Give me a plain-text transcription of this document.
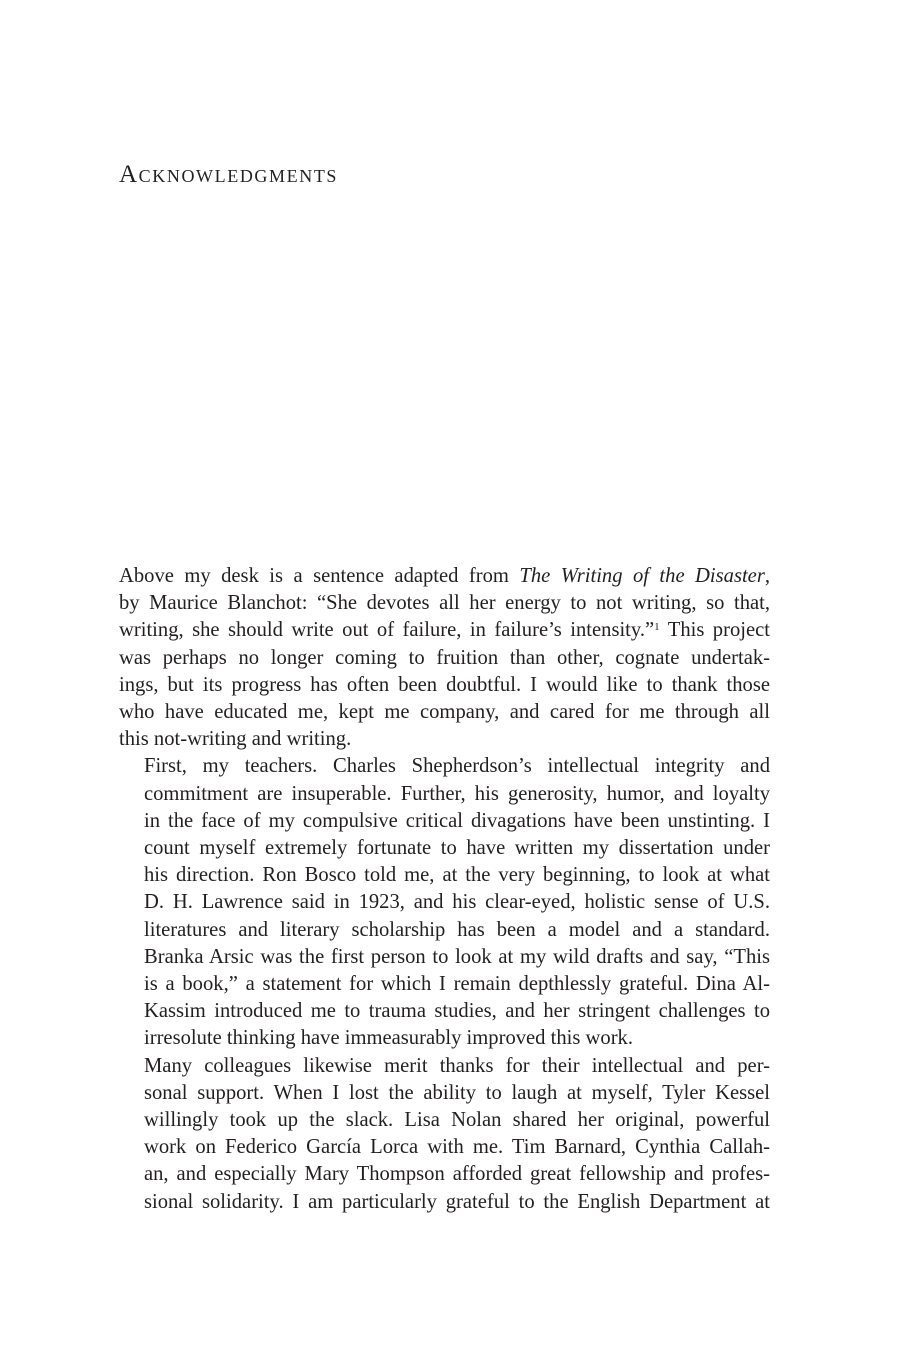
Acknowledgments

Above my desk is a sentence adapted from The Writing of the Disaster,
by Maurice Blanchot: “She devotes all her energy to not writing, so that,
writing, she should write out of failure, in failure’s intensity.”$^1$ This project
was perhaps no longer coming to fruition than other, cognate undertak-
ings, but its progress has often been doubtful. I would like to thank those
who have educated me, kept me company, and cared for me through all
this not-writing and writing.

First, my teachers. Charles Shepherdson’s intellectual integrity and
commitment are insuperable. Further, his generosity, humor, and loyalty
in the face of my compulsive critical divagations have been unstinting. I
count myself extremely fortunate to have written my dissertation under
his direction. Ron Bosco told me, at the very beginning, to look at what
D. H. Lawrence said in 1923, and his clear-eyed, holistic sense of U.S.
literatures and literary scholarship has been a model and a standard.
Branka Arsic was the first person to look at my wild drafts and say, “This
is a book,” a statement for which I remain depthlessly grateful. Dina Al-
Kassim introduced me to trauma studies, and her stringent challenges to
irresolute thinking have immeasurably improved this work.

Many colleagues likewise merit thanks for their intellectual and per-
sonal support. When I lost the ability to laugh at myself, Tyler Kessel
willingly took up the slack. Lisa Nolan shared her original, powerful
work on Federico García Lorca with me. Tim Barnard, Cynthia Callah-
an, and especially Mary Thompson afforded great fellowship and profes-
sional solidarity. I am particularly grateful to the English Department at
